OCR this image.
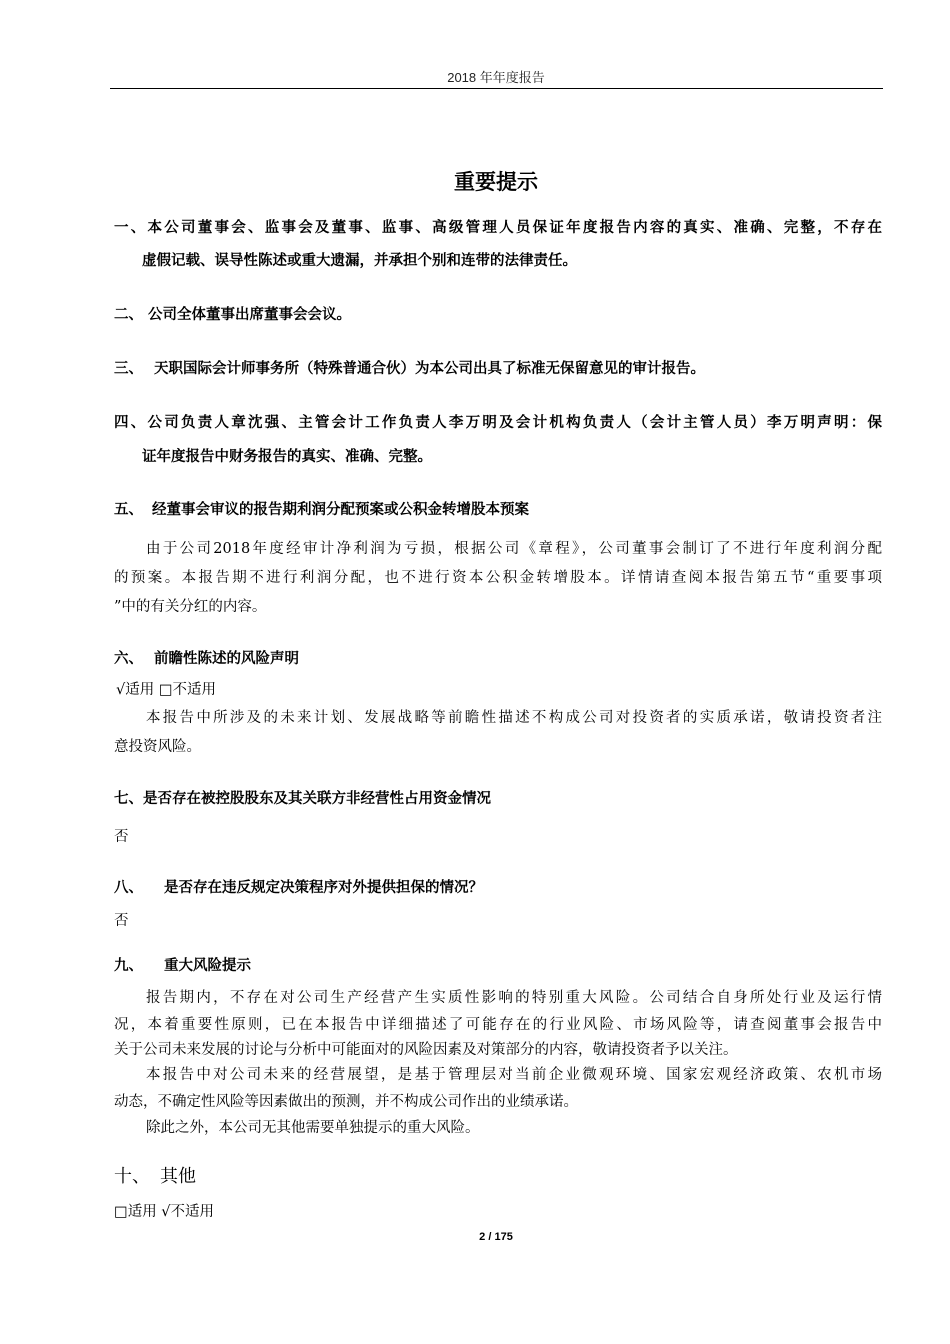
2018 年年度报告
重要提示
一、本公司董事会、监事会及董事、监事、高级管理人员保证年度报告内容的真实、准确、完整，不存在
虚假记载、误导性陈述或重大遗漏，并承担个别和连带的法律责任。
二、 公司全体董事出席董事会会议。
三、 天职国际会计师事务所（特殊普通合伙）为本公司出具了标准无保留意见的审计报告。
四、公司负责人章沈强、主管会计工作负责人李万明及会计机构负责人（会计主管人员）李万明声明：保
证年度报告中财务报告的真实、准确、完整。
五、 经董事会审议的报告期利润分配预案或公积金转增股本预案
由于公司2018年度经审计净利润为亏损，根据公司《章程》，公司董事会制订了不进行年度利润分配
的预案。本报告期不进行利润分配，也不进行资本公积金转增股本。详情请查阅本报告第五节“重要事项
”中的有关分红的内容。
六、 前瞻性陈述的风险声明
√适用 □不适用
本报告中所涉及的未来计划、发展战略等前瞻性描述不构成公司对投资者的实质承诺，敬请投资者注
意投资风险。
七、是否存在被控股股东及其关联方非经营性占用资金情况
否
八、 是否存在违反规定决策程序对外提供担保的情况？
否
九、 重大风险提示
报告期内，不存在对公司生产经营产生实质性影响的特别重大风险。公司结合自身所处行业及运行情
况，本着重要性原则，已在本报告中详细描述了可能存在的行业风险、市场风险等，请查阅董事会报告中
关于公司未来发展的讨论与分析中可能面对的风险因素及对策部分的内容，敬请投资者予以关注。
本报告中对公司未来的经营展望，是基于管理层对当前企业微观环境、国家宏观经济政策、农机市场
动态，不确定性风险等因素做出的预测，并不构成公司作出的业绩承诺。
除此之外，本公司无其他需要单独提示的重大风险。
十、 其他
□适用 √不适用
2 / 175
